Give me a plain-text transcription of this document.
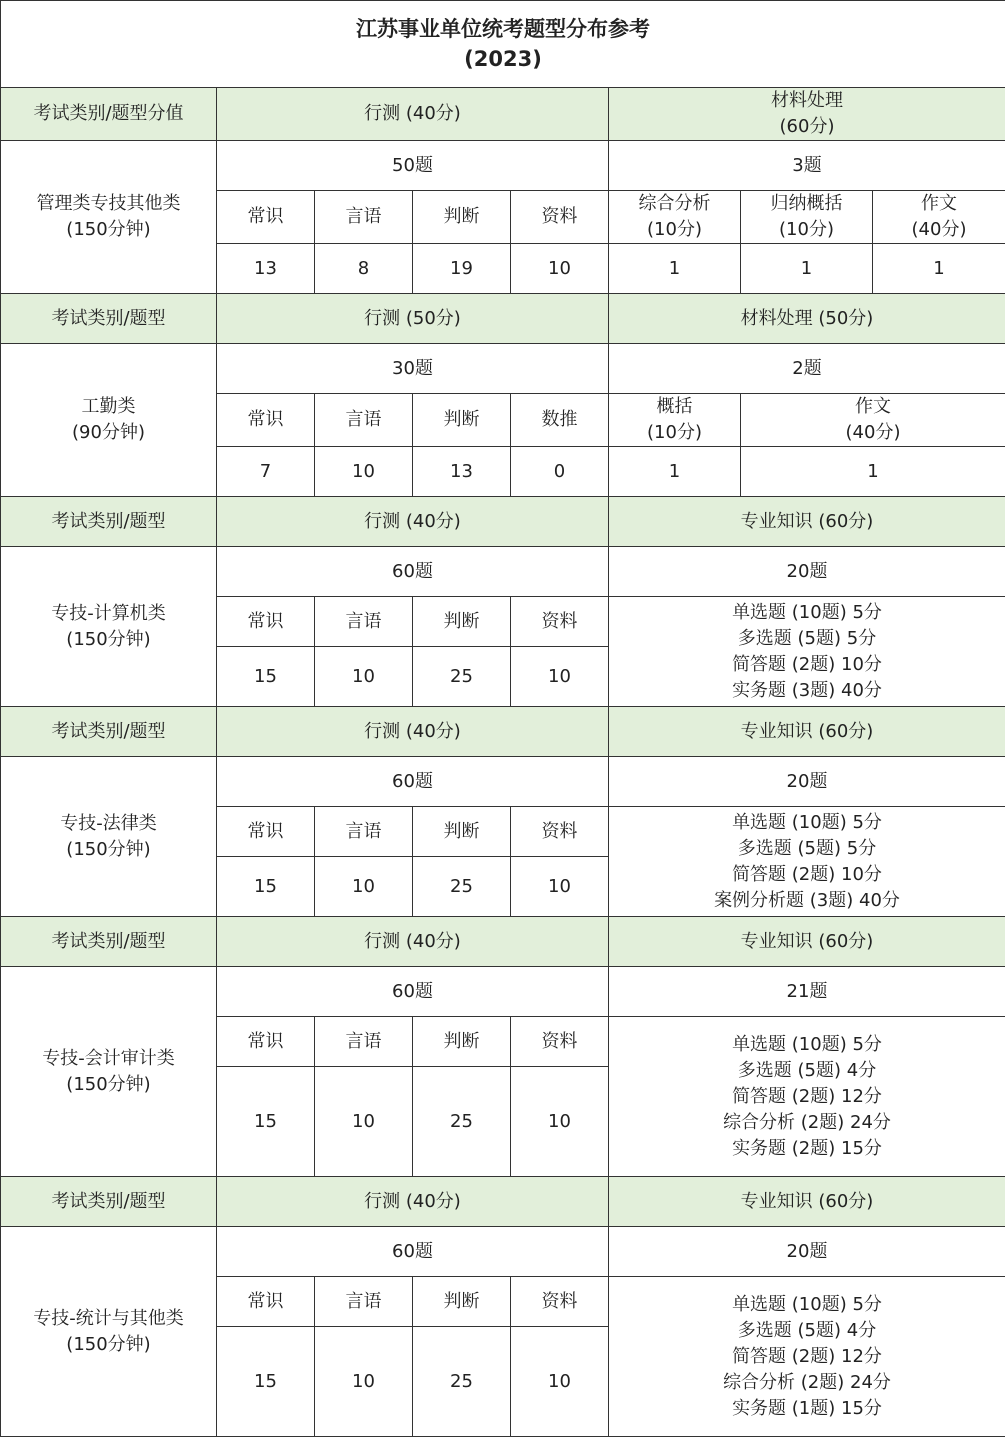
江苏事业单位统考题型分布参考
(2023)							

考试类别/题型分值	行测 (40分)				材料处理
(60分)		

管理类专技其他类
(150分钟)	50题				3题		
	常识	言语	判断	资料	综合分析
(10分)	归纳概括
(10分)	作文
(40分)

	13	8	19	10	1	1	1
考试类别/题型	行测 (50分)				材料处理 (50分)		

工勤类
(90分钟)	30题				2题		
	常识	言语	判断	数推	概括
(10分)	作文
(40分)	

	7	10	13	0	1	1	
考试类别/题型	行测 (40分)				专业知识 (60分)		

专技-计算机类
(150分钟)	60题				20题		
	常识	言语	判断	资料	单选题 (10题) 5分
多选题 (5题) 5分
简答题 (2题) 10分
实务题 (3题) 40分		

	15	10	25	10			
考试类别/题型	行测 (40分)				专业知识 (60分)		

专技-法律类
(150分钟)	60题				20题		
	常识	言语	判断	资料	单选题 (10题) 5分
多选题 (5题) 5分
简答题 (2题) 10分
案例分析题 (3题) 40分		

	15	10	25	10			
考试类别/题型	行测 (40分)				专业知识 (60分)		

专技-会计审计类
(150分钟)	60题				21题		
	常识	言语	判断	资料	单选题 (10题) 5分
多选题 (5题) 4分
简答题 (2题) 12分
综合分析 (2题) 24分
实务题 (2题) 15分		

	15	10	25	10			
考试类别/题型	行测 (40分)				专业知识 (60分)		

专技-统计与其他类
(150分钟)	60题				20题		
	常识	言语	判断	资料	单选题 (10题) 5分
多选题 (5题) 4分
简答题 (2题) 12分
综合分析 (2题) 24分
实务题 (1题) 15分		

	15	10	25	10			
